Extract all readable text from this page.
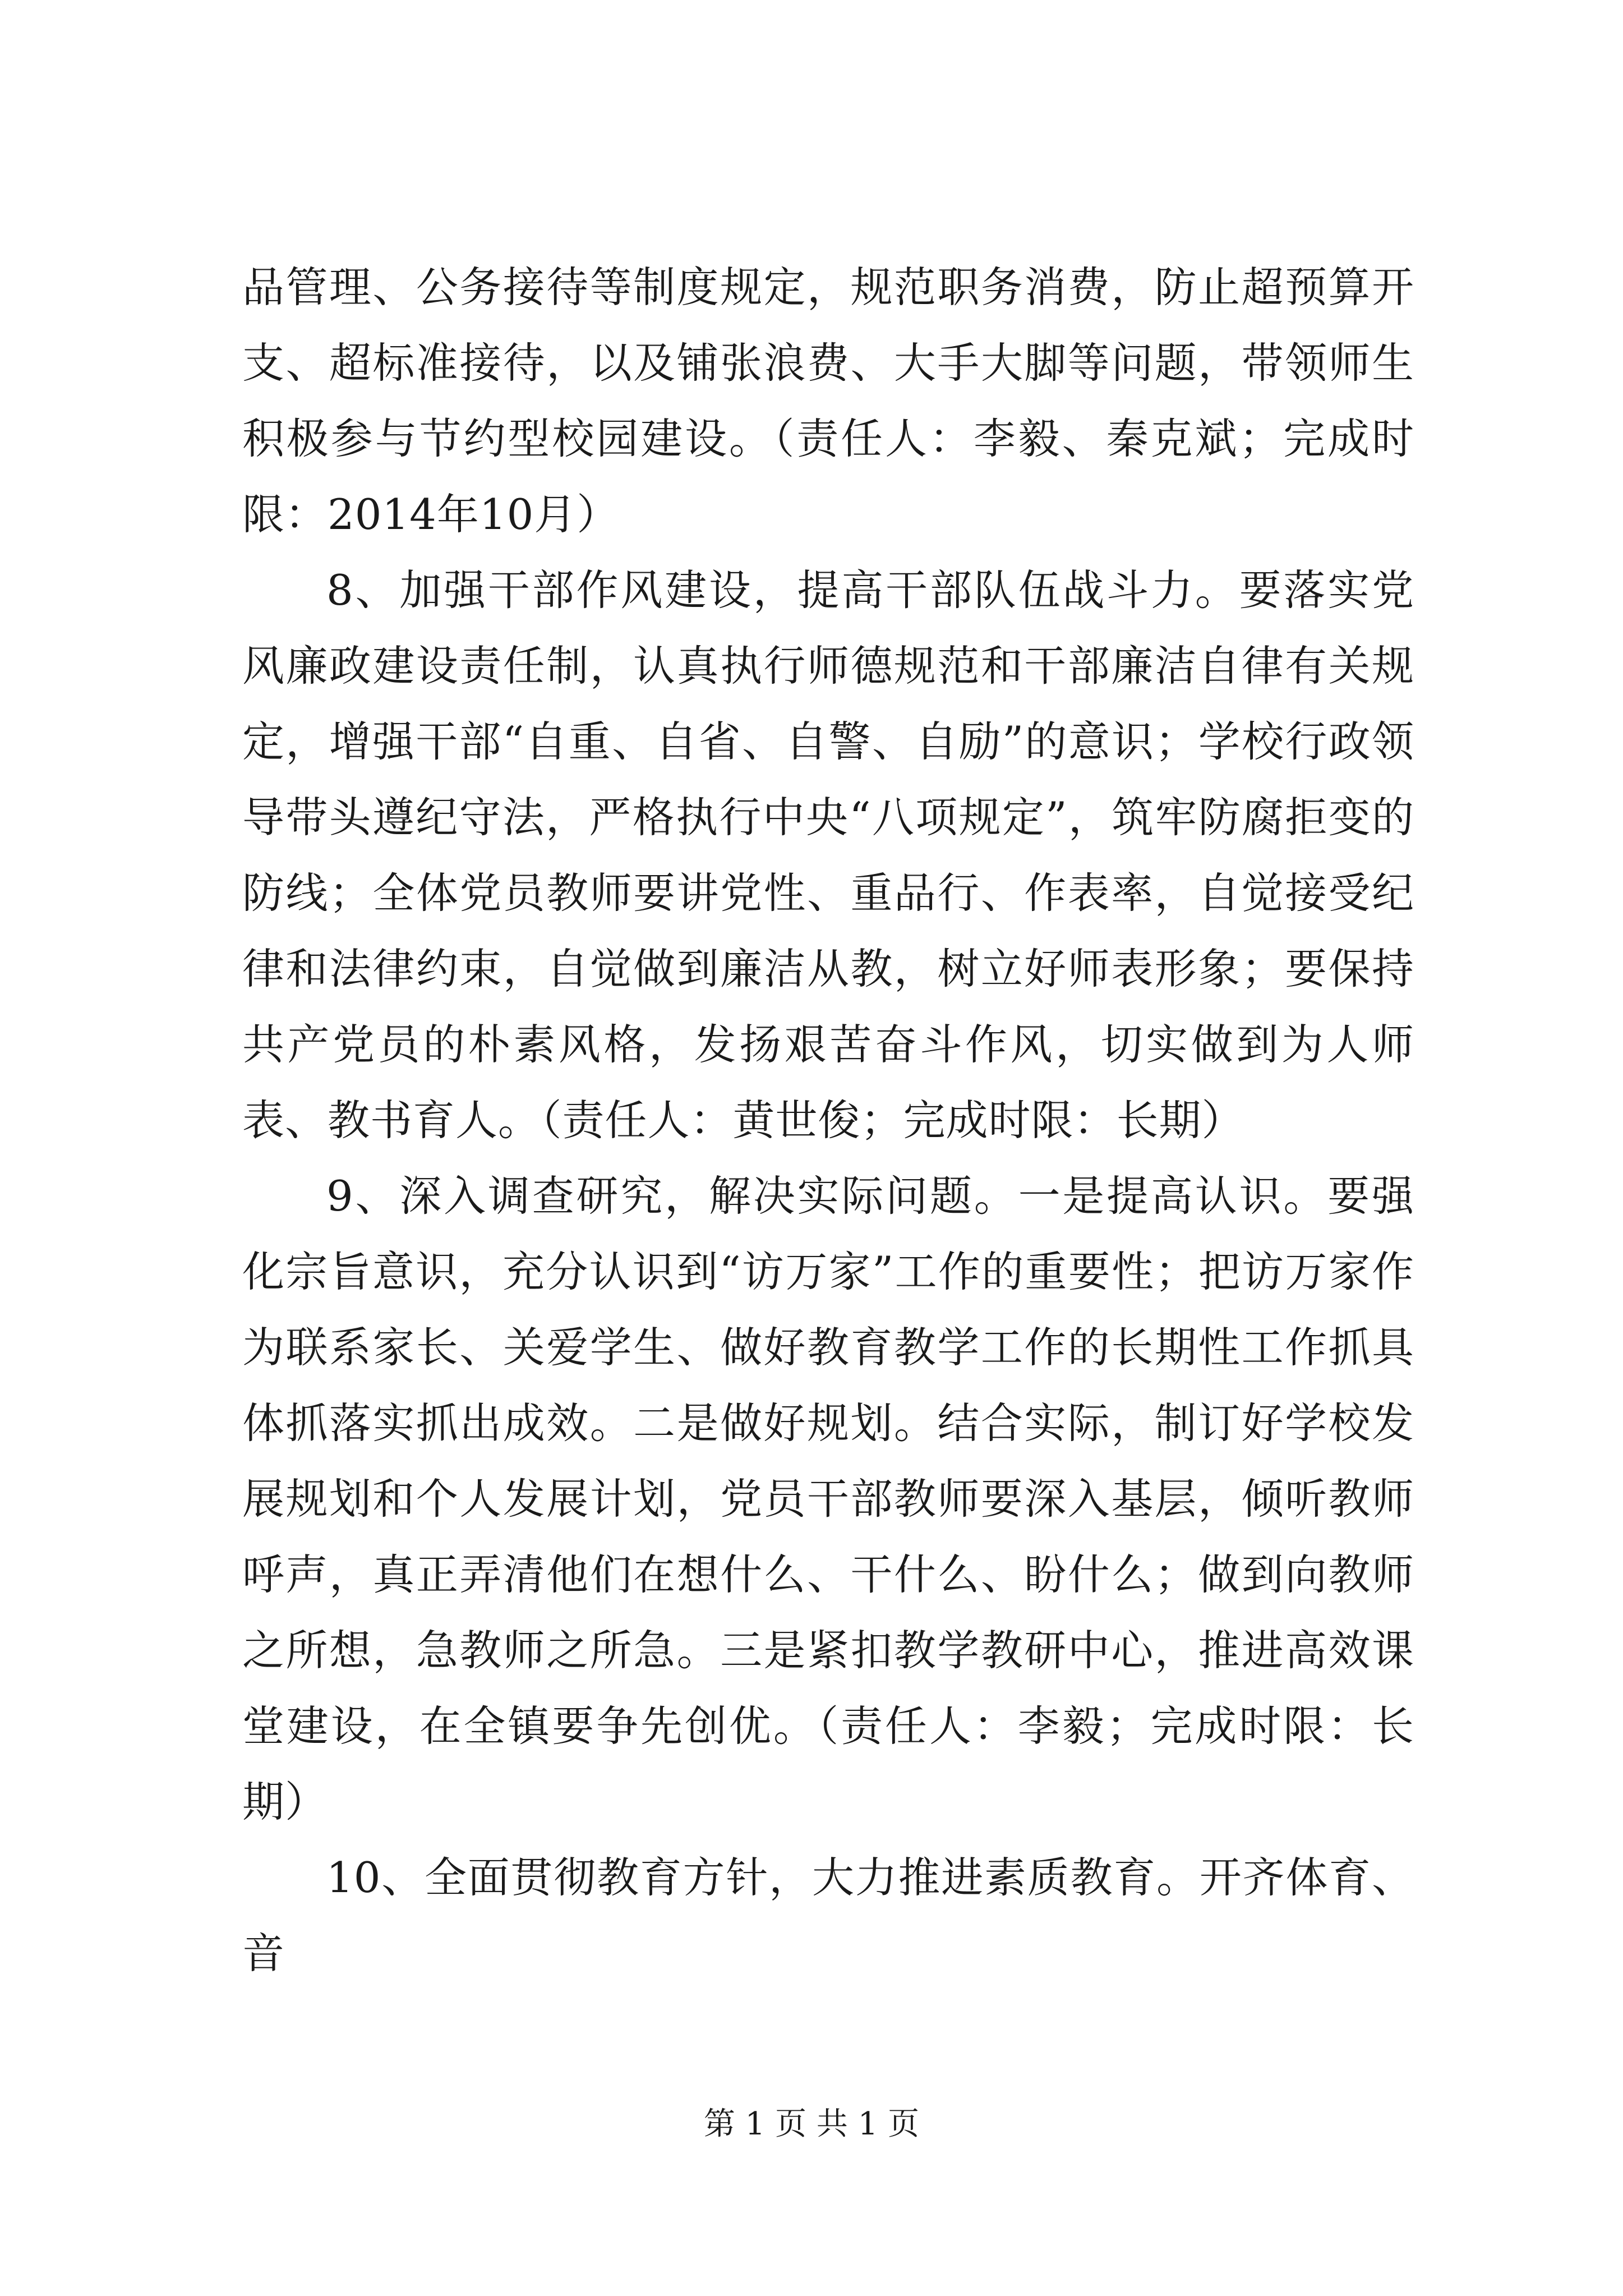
品管理、公务接待等制度规定，规范职务消费，防止超预算开支、超标准接待，以及铺张浪费、大手大脚等问题，带领师生积极参与节约型校园建设。（责任人：李毅、秦克斌；完成时限：2014年10月）

8、加强干部作风建设，提高干部队伍战斗力。要落实党风廉政建设责任制，认真执行师德规范和干部廉洁自律有关规定，增强干部“自重、自省、自警、自励”的意识；学校行政领导带头遵纪守法，严格执行中央“八项规定”，筑牢防腐拒变的防线；全体党员教师要讲党性、重品行、作表率，自觉接受纪律和法律约束，自觉做到廉洁从教，树立好师表形象；要保持共产党员的朴素风格，发扬艰苦奋斗作风，切实做到为人师表、教书育人。（责任人：黄世俊；完成时限：长期）

9、深入调查研究，解决实际问题。一是提高认识。要强化宗旨意识，充分认识到“访万家”工作的重要性；把访万家作为联系家长、关爱学生、做好教育教学工作的长期性工作抓具体抓落实抓出成效。二是做好规划。结合实际，制订好学校发展规划和个人发展计划，党员干部教师要深入基层，倾听教师呼声，真正弄清他们在想什么、干什么、盼什么；做到向教师之所想，急教师之所急。三是紧扣教学教研中心，推进高效课堂建设，在全镇要争先创优。（责任人：李毅；完成时限：长期）

10、全面贯彻教育方针，大力推进素质教育。开齐体育、音

第 1 页 共 1 页
